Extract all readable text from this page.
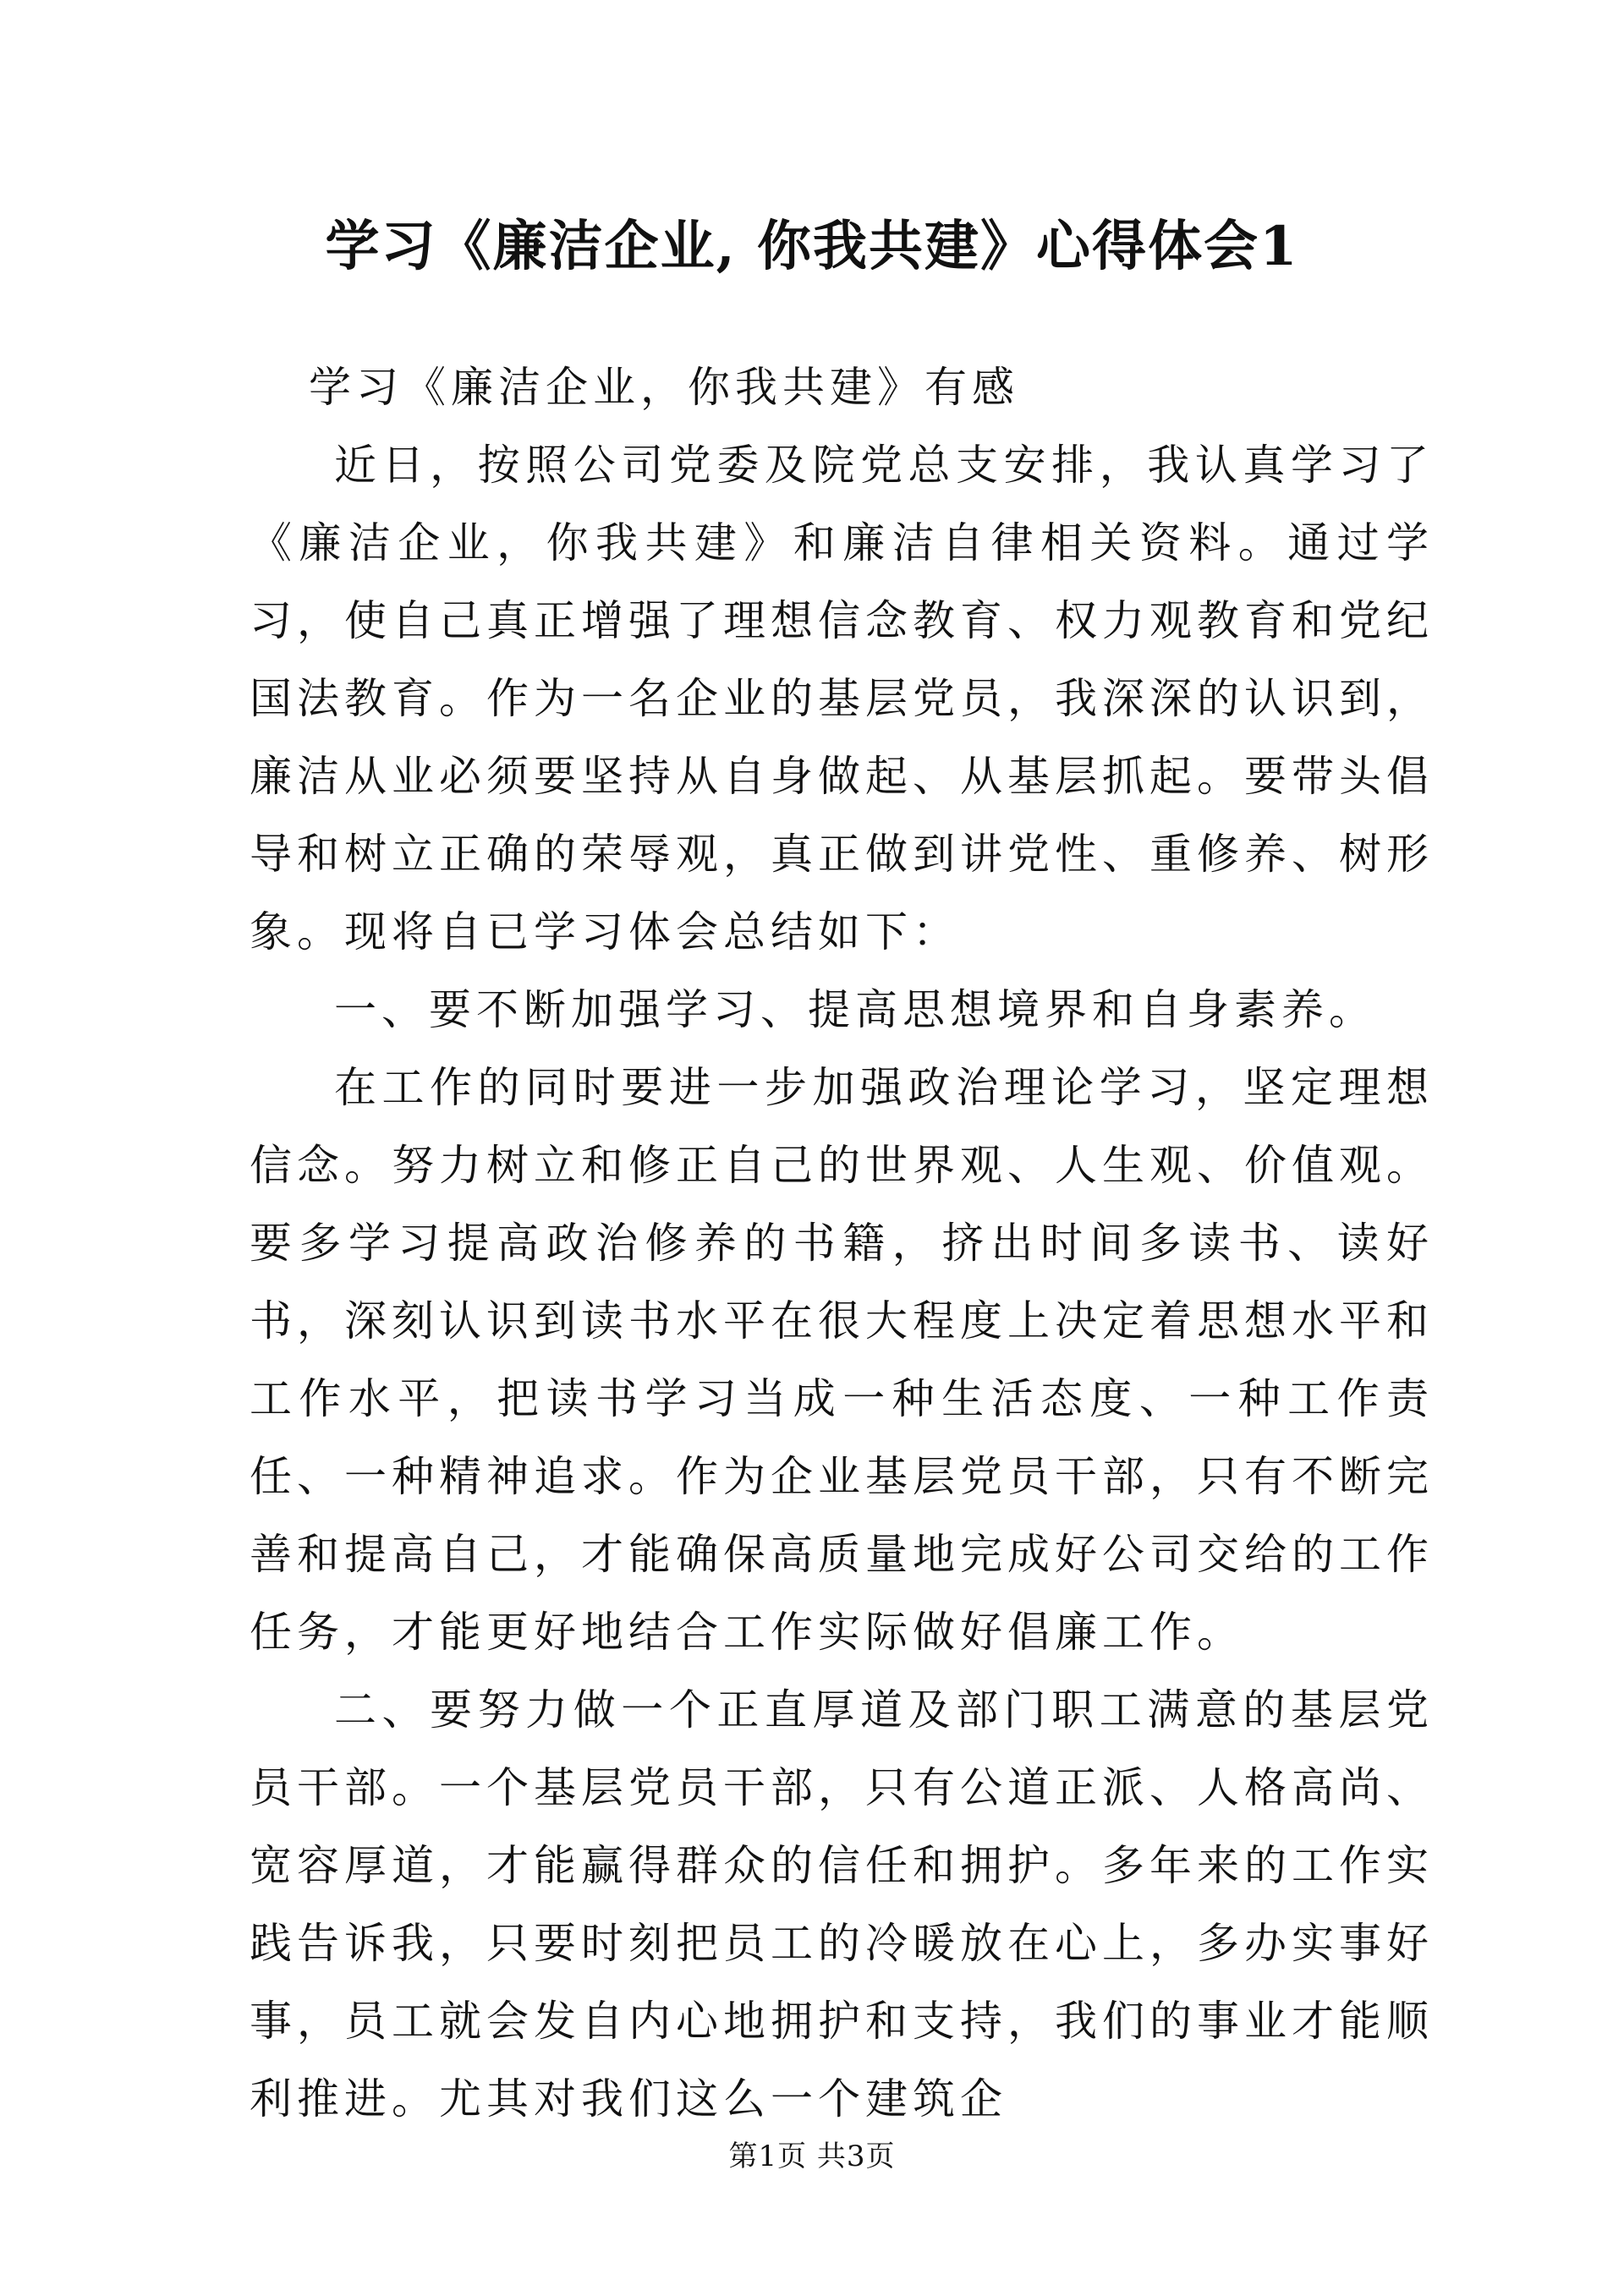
学习《廉洁企业, 你我共建》心得体会1

学习《廉洁企业，你我共建》有感

近日，按照公司党委及院党总支安排，我认真学习了《廉洁企业，你我共建》和廉洁自律相关资料。通过学习，使自己真正增强了理想信念教育、权力观教育和党纪国法教育。作为一名企业的基层党员，我深深的认识到，廉洁从业必须要坚持从自身做起、从基层抓起。要带头倡导和树立正确的荣辱观，真正做到讲党性、重修养、树形象。现将自已学习体会总结如下：

一、要不断加强学习、提高思想境界和自身素养。

在工作的同时要进一步加强政治理论学习，坚定理想信念。努力树立和修正自己的世界观、人生观、价值观。要多学习提高政治修养的书籍，挤出时间多读书、读好书，深刻认识到读书水平在很大程度上决定着思想水平和工作水平，把读书学习当成一种生活态度、一种工作责任、一种精神追求。作为企业基层党员干部，只有不断完善和提高自己，才能确保高质量地完成好公司交给的工作任务，才能更好地结合工作实际做好倡廉工作。

二、要努力做一个正直厚道及部门职工满意的基层党员干部。一个基层党员干部，只有公道正派、人格高尚、宽容厚道，才能赢得群众的信任和拥护。多年来的工作实践告诉我，只要时刻把员工的冷暖放在心上，多办实事好事，员工就会发自内心地拥护和支持，我们的事业才能顺利推进。尤其对我们这么一个建筑企

第1页 共3页
